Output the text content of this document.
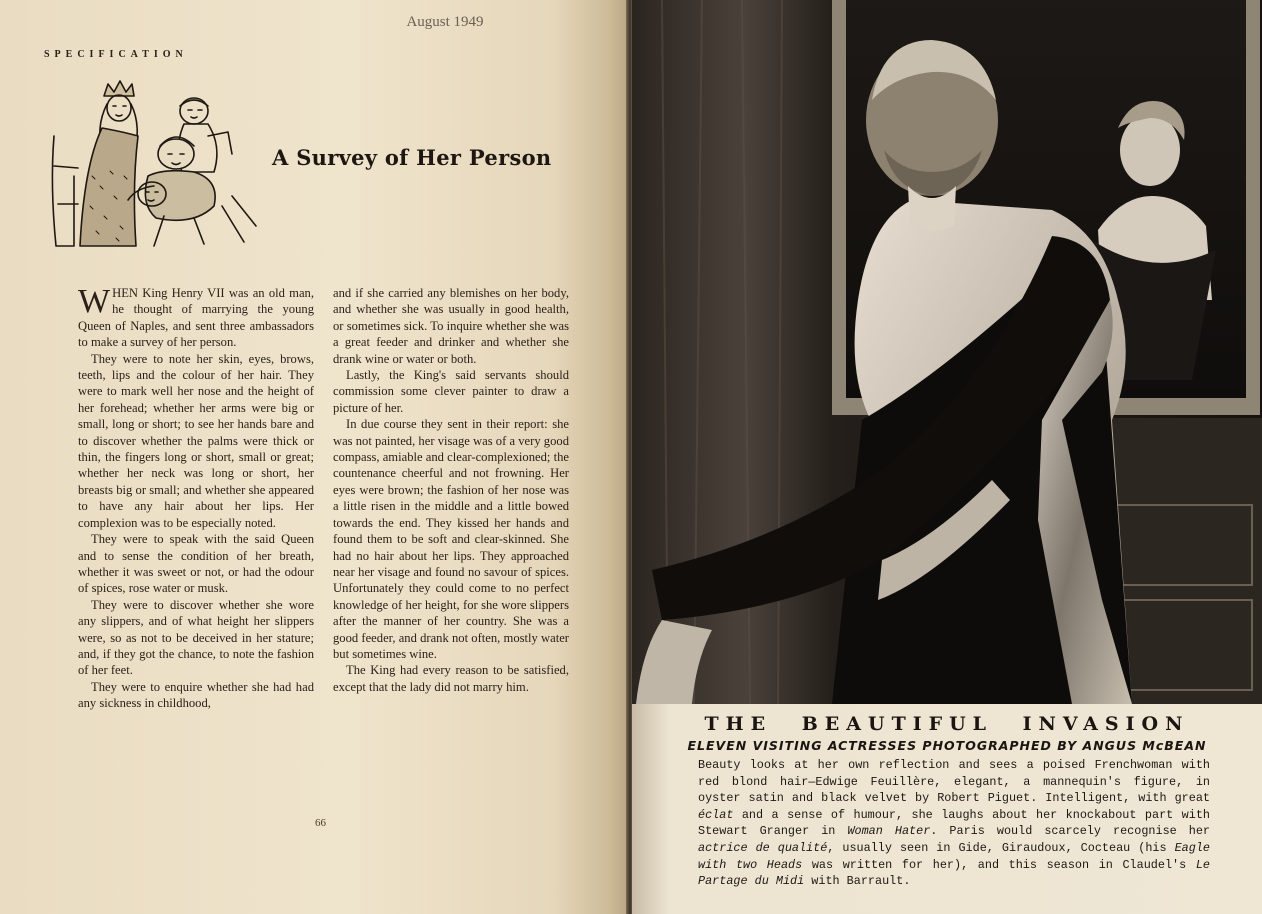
August 1949
SPECIFICATION
A Survey of Her Person

WHEN King Henry VII was an old man, he thought of marrying the young Queen of Naples, and sent three ambassadors to make a survey of her person.

They were to note her skin, eyes, brows, teeth, lips and the colour of her hair. They were to mark well her nose and the height of her forehead; whether her arms were big or small, long or short; to see her hands bare and to discover whether the palms were thick or thin, the fingers long or short, small or great; whether her neck was long or short, her breasts big or small; and whether she appeared to have any hair about her lips. Her complexion was to be especially noted.

They were to speak with the said Queen and to sense the condition of her breath, whether it was sweet or not, or had the odour of spices, rose water or musk.

They were to discover whether she wore any slippers, and of what height her slippers were, so as not to be deceived in her stature; and, if they got the chance, to note the fashion of her feet.

They were to enquire whether she had had any sickness in childhood,

and if she carried any blemishes on her body, and whether she was usually in good health, or sometimes sick. To inquire whether she was a great feeder and drinker and whether she drank wine or water or both.

Lastly, the King's said servants should commission some clever painter to draw a picture of her.

In due course they sent in their report: she was not painted, her visage was of a very good compass, amiable and clear-complexioned; the countenance cheerful and not frowning. Her eyes were brown; the fashion of her nose was a little risen in the middle and a little bowed towards the end. They kissed her hands and found them to be soft and clear-skinned. She had no hair about her lips. They approached near her visage and found no savour of spices. Unfortunately they could come to no perfect knowledge of her height, for she wore slippers after the manner of her country. She was a good feeder, and drank not often, mostly water but sometimes wine.

The King had every reason to be satisfied, except that the lady did not marry him.

66
THE BEAUTIFUL INVASION
ELEVEN VISITING ACTRESSES PHOTOGRAPHED BY ANGUS McBEAN
Beauty looks at her own reflection and sees a poised Frenchwoman with red blond hair—Edwige Feuillère, elegant, a mannequin's figure, in oyster satin and black velvet by Robert Piguet. Intelligent, with great éclat and a sense of humour, she laughs about her knockabout part with Stewart Granger in Woman Hater. Paris would scarcely recognise her actrice de qualité, usually seen in Gide, Giraudoux, Cocteau (his Eagle with two Heads was written for her), and this season in Claudel's Le Partage du Midi with Barrault.
